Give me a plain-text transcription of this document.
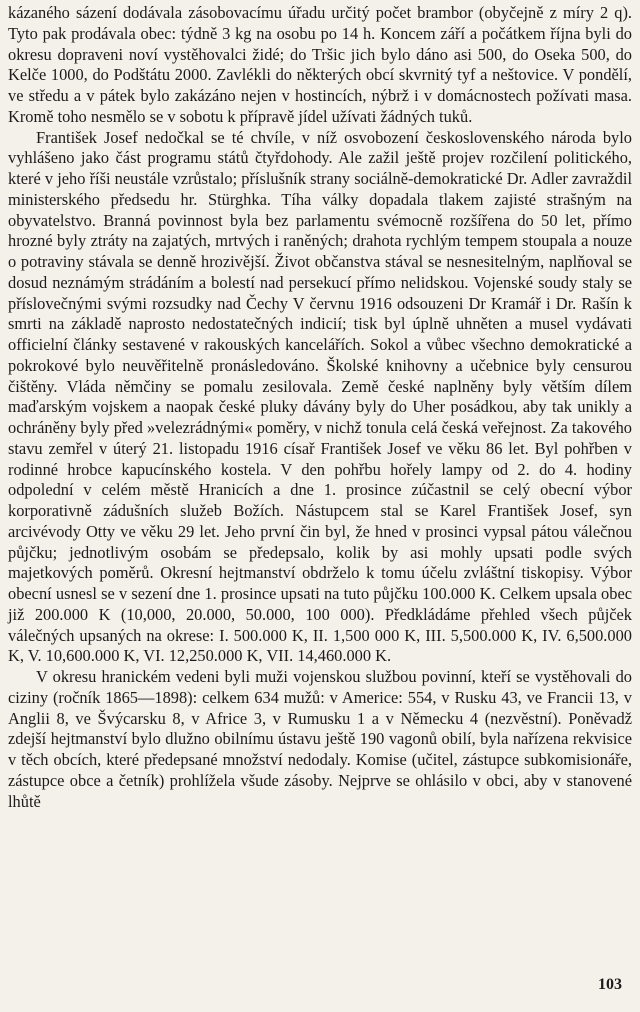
kázaného sázení dodávala zásobovacímu úřadu určitý počet brambor (obyčejně z míry 2 q). Tyto pak prodávala obec: týdně 3 kg na osobu po 14 h. Koncem září a počátkem října byli do okresu dopraveni noví vystěhovalci židé; do Tršic jich bylo dáno asi 500, do Oseka 500, do Kelče 1000, do Podštátu 2000. Zavlékli do některých obcí skvrnitý tyf a neštovice. V pondělí, ve středu a v pátek bylo zakázáno nejen v hostincích, nýbrž i v domácnostech požívati masa. Kromě toho nesmělo se v sobotu k přípravě jídel užívati žádných tuků.

František Josef nedočkal se té chvíle, v níž osvobození československého národa bylo vyhlášeno jako část programu států čtyřdohody. Ale zažil ještě projev rozčilení politického, které v jeho říši neustále vzrůstalo; příslušník strany sociálně-demokratické Dr. Adler zavraždil ministerského předsedu hr. Stürghka. Tíha války dopadala tlakem zajisté strašným na obyvatelstvo. Branná povinnost byla bez parlamentu svémocně rozšířena do 50 let, přímo hrozné byly ztráty na zajatých, mrtvých i raněných; drahota rychlým tempem stoupala a nouze o potraviny stávala se denně hrozivější. Život občanstva stával se nesnesitelným, naplňoval se dosud neznámým strádáním a bolestí nad persekucí přímo nelidskou. Vojenské soudy staly se příslovečnými svými rozsudky nad Čechy V červnu 1916 odsouzeni Dr Kramář i Dr. Rašín k smrti na základě naprosto nedostatečných indicií; tisk byl úplně uhněten a musel vydávati officielní články sestavené v rakouských kancelářích. Sokol a vůbec všechno demokratické a pokrokové bylo neuvěřitelně pronásledováno. Školské knihovny a učebnice byly censurou čištěny. Vláda němčiny se pomalu zesilovala. Země české naplněny byly větším dílem maďarským vojskem a naopak české pluky dávány byly do Uher posádkou, aby tak unikly a ochráněny byly před »velezrádnými« poměry, v nichž tonula celá česká veřejnost. Za takového stavu zemřel v úterý 21. listopadu 1916 císař František Josef ve věku 86 let. Byl pohřben v rodinné hrobce kapucínského kostela. V den pohřbu hořely lampy od 2. do 4. hodiny odpolední v celém městě Hranicích a dne 1. prosince zúčastnil se celý obecní výbor korporativně zádušních služeb Božích. Nástupcem stal se Karel František Josef, syn arcivévody Otty ve věku 29 let. Jeho první čin byl, že hned v prosinci vypsal pátou válečnou půjčku; jednotlivým osobám se předepsalo, kolik by asi mohly upsati podle svých majetkových poměrů. Okresní hejtmanství obdrželo k tomu účelu zvláštní tiskopisy. Výbor obecní usnesl se v sezení dne 1. prosince upsati na tuto půjčku 100.000 K. Celkem upsala obec již 200.000 K (10,000, 20.000, 50.000, 100 000). Předkládáme přehled všech půjček válečných upsaných na okrese: I. 500.000 K, II. 1,500 000 K, III. 5,500.000 K, IV. 6,500.000 K, V. 10,600.000 K, VI. 12,250.000 K, VII. 14,460.000 K.

V okresu hranickém vedeni byli muži vojenskou službou povinní, kteří se vystěhovali do ciziny (ročník 1865—1898): celkem 634 mužů: v Americe: 554, v Rusku 43, ve Francii 13, v Anglii 8, ve Švýcarsku 8, v Africe 3, v Rumusku 1 a v Německu 4 (nezvěstní). Poněvadž zdejší hejtmanství bylo dlužno obilnímu ústavu ještě 190 vagonů obilí, byla nařízena rekvisice v těch obcích, které předepsané množství nedodaly. Komise (učitel, zástupce subkomisionáře, zástupce obce a četník) prohlížela všude zásoby. Nejprve se ohlásilo v obci, aby v stanovené lhůtě

103
